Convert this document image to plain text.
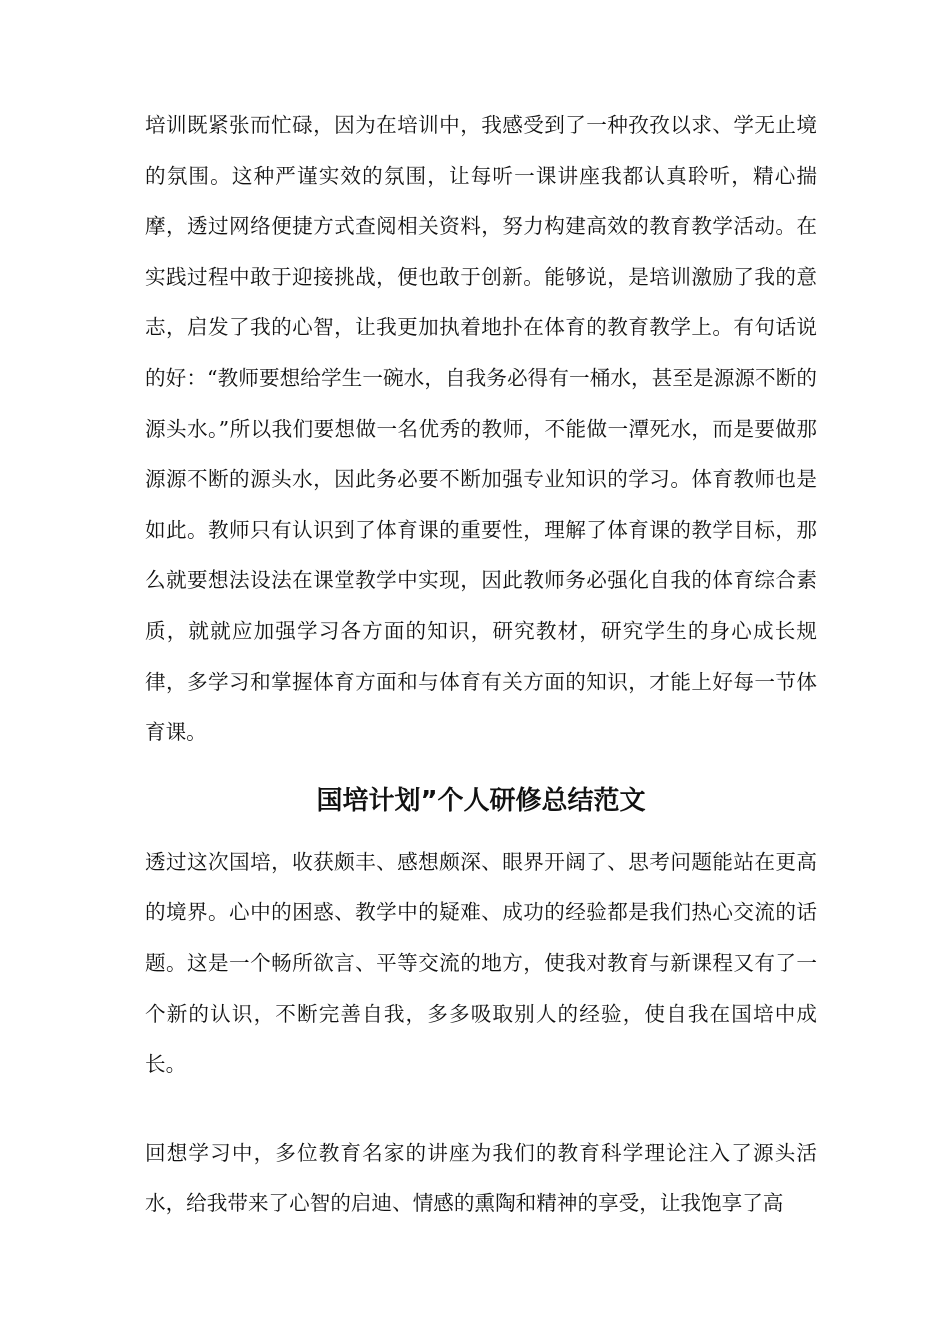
培训既紧张而忙碌，因为在培训中，我感受到了一种孜孜以求、学无止境的氛围。这种严谨实效的氛围，让每听一课讲座我都认真聆听，精心揣摩，透过网络便捷方式查阅相关资料，努力构建高效的教育教学活动。在实践过程中敢于迎接挑战，便也敢于创新。能够说，是培训激励了我的意志，启发了我的心智，让我更加执着地扑在体育的教育教学上。有句话说的好：“教师要想给学生一碗水，自我务必得有一桶水，甚至是源源不断的源头水。”所以我们要想做一名优秀的教师，不能做一潭死水，而是要做那源源不断的源头水，因此务必要不断加强专业知识的学习。体育教师也是如此。教师只有认识到了体育课的重要性，理解了体育课的教学目标，那么就要想法设法在课堂教学中实现，因此教师务必强化自我的体育综合素质，就就应加强学习各方面的知识，研究教材，研究学生的身心成长规律，多学习和掌握体育方面和与体育有关方面的知识，才能上好每一节体育课。

国培计划”个人研修总结范文

透过这次国培，收获颇丰、感想颇深、眼界开阔了、思考问题能站在更高的境界。心中的困惑、教学中的疑难、成功的经验都是我们热心交流的话题。这是一个畅所欲言、平等交流的地方，使我对教育与新课程又有了一个新的认识，不断完善自我，多多吸取别人的经验，使自我在国培中成长。

回想学习中，多位教育名家的讲座为我们的教育科学理论注入了源头活水，给我带来了心智的启迪、情感的熏陶和精神的享受，让我饱享了高
